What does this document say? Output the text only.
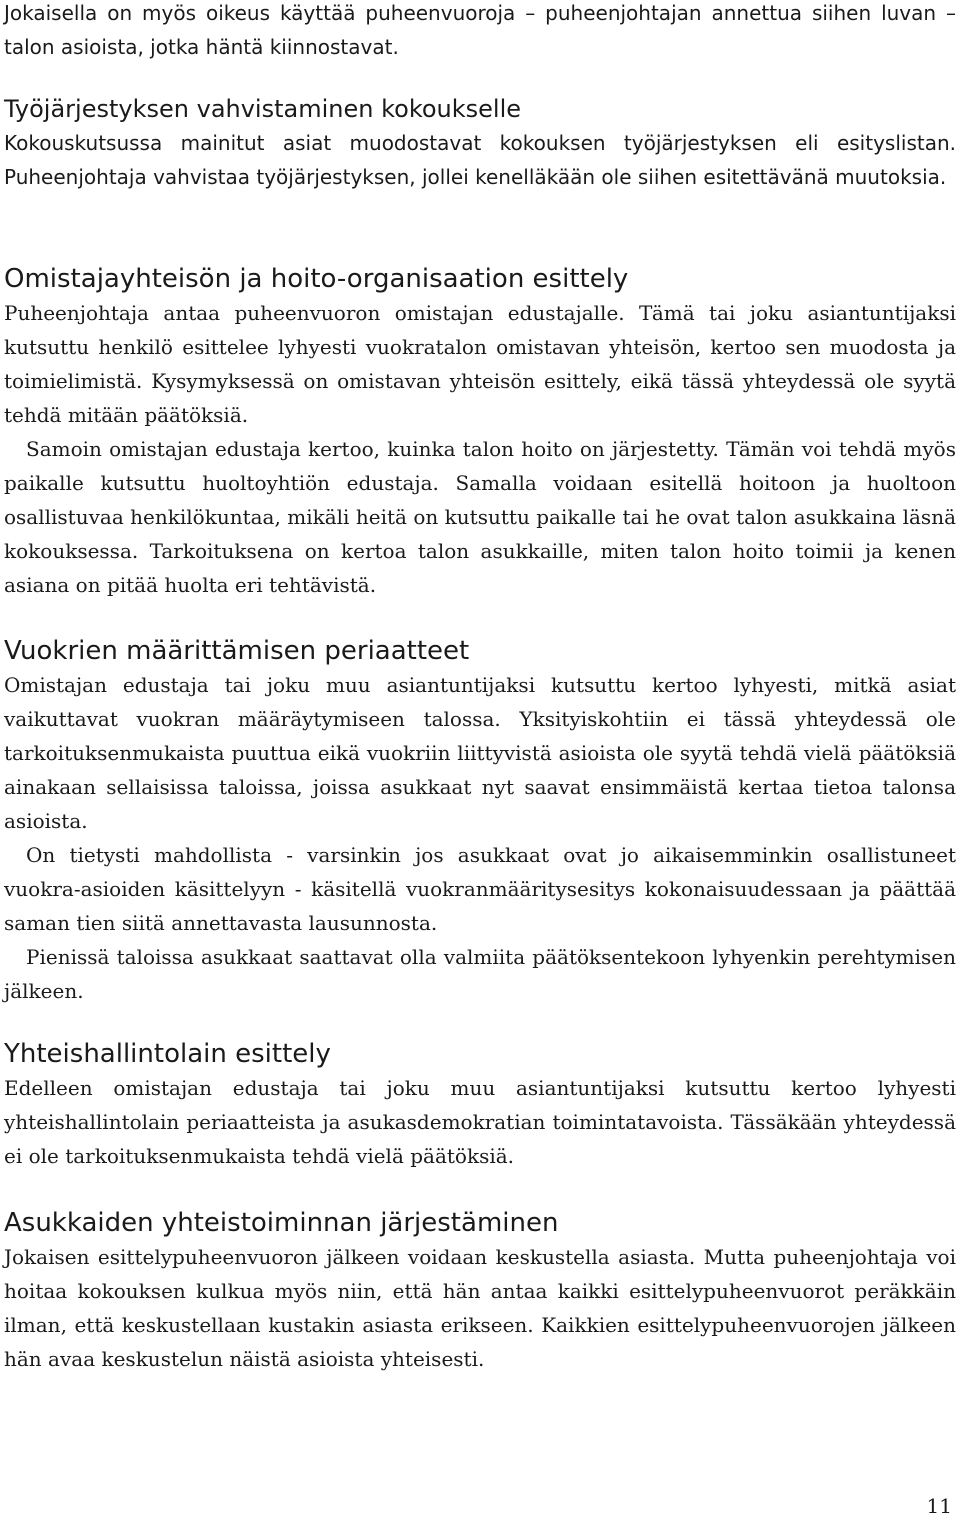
Jokaisella on myös oikeus käyttää puheenvuoroja – puheenjohtajan annettua siihen luvan – talon asioista, jotka häntä kiinnostavat.

Työjärjestyksen vahvistaminen kokoukselle

Kokouskutsussa mainitut asiat muodostavat kokouksen työjärjestyksen eli esityslistan. Puheenjohtaja vahvistaa työjärjestyksen, jollei kenelläkään ole siihen esitettävänä muutoksia.

Omistajayhteisön ja hoito-organisaation esittely

Puheenjohtaja antaa puheenvuoron omistajan edustajalle. Tämä tai joku asiantuntijaksi kutsuttu henkilö esittelee lyhyesti vuokratalon omistavan yhteisön, kertoo sen muodosta ja toimielimistä. Kysymyksessä on omistavan yhteisön esittely, eikä tässä yhteydessä ole syytä tehdä mitään päätöksiä.

Samoin omistajan edustaja kertoo, kuinka talon hoito on järjestetty. Tämän voi tehdä myös paikalle kutsuttu huoltoyhtiön edustaja. Samalla voidaan esitellä hoitoon ja huoltoon osallistuvaa henkilökuntaa, mikäli heitä on kutsuttu paikalle tai he ovat talon asukkaina läsnä kokouksessa. Tarkoituksena on kertoa talon asukkaille, miten talon hoito toimii ja kenen asiana on pitää huolta eri tehtävistä.

Vuokrien määrittämisen periaatteet

Omistajan edustaja tai joku muu asiantuntijaksi kutsuttu kertoo lyhyesti, mitkä asiat vaikuttavat vuokran määräytymiseen talossa. Yksityiskohtiin ei tässä yhteydessä ole tarkoituksenmukaista puuttua eikä vuokriin liittyvistä asioista ole syytä tehdä vielä päätöksiä ainakaan sellaisissa taloissa, joissa asukkaat nyt saavat ensimmäistä kertaa tietoa talonsa asioista.

On tietysti mahdollista - varsinkin jos asukkaat ovat jo aikaisemminkin osallistuneet vuokra-asioiden käsittelyyn - käsitellä vuokranmääritysesitys kokonaisuudessaan ja päättää saman tien siitä annettavasta lausunnosta.

Pienissä taloissa asukkaat saattavat olla valmiita päätöksentekoon lyhyenkin perehtymisen jälkeen.

Yhteishallintolain esittely

Edelleen omistajan edustaja tai joku muu asiantuntijaksi kutsuttu kertoo lyhyesti yhteishallintolain periaatteista ja asukasdemokratian toimintatavoista. Tässäkään yhteydessä ei ole tarkoituksenmukaista tehdä vielä päätöksiä.

Asukkaiden yhteistoiminnan järjestäminen

Jokaisen esittelypuheenvuoron jälkeen voidaan keskustella asiasta. Mutta puheenjohtaja voi hoitaa kokouksen kulkua myös niin, että hän antaa kaikki esittelypuheenvuorot peräkkäin ilman, että keskustellaan kustakin asiasta erikseen. Kaikkien esittelypuheenvuorojen jälkeen hän avaa keskustelun näistä asioista yhteisesti.

11
